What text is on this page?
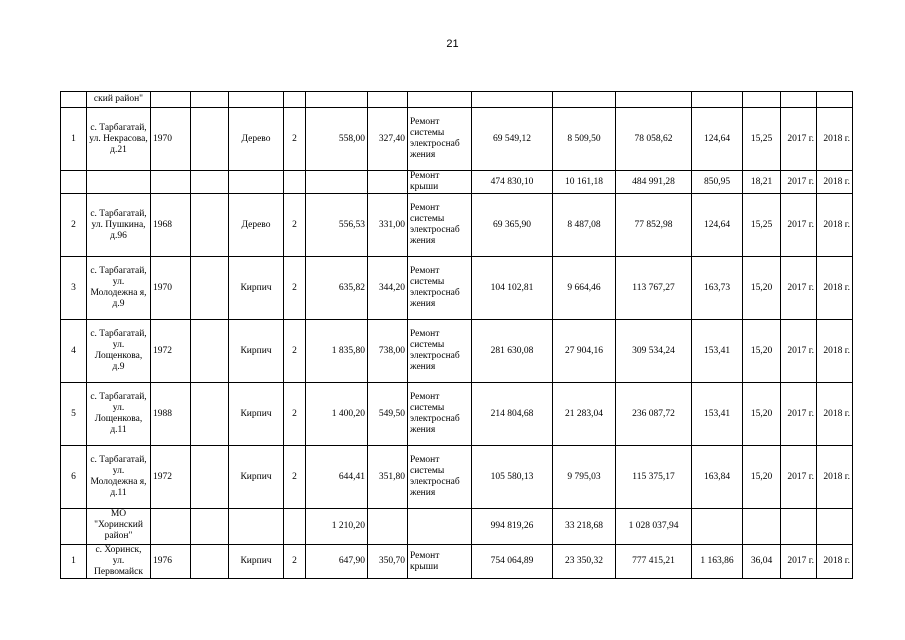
21
	ский район"														
1	с. Тарбагатай, ул. Некрасова, д.21	1970		Дерево	2	558,00	327,40	Ремонт системы электроснаб жения	69 549,12	8 509,50	78 058,62	124,64	15,25	2017 г.	2018 г.
								Ремонт крыши	474 830,10	10 161,18	484 991,28	850,95	18,21	2017 г.	2018 г.
2	с. Тарбагатай, ул. Пушкина, д.96	1968		Дерево	2	556,53	331,00	Ремонт системы электроснаб жения	69 365,90	8 487,08	77 852,98	124,64	15,25	2017 г.	2018 г.
3	с. Тарбагатай, ул. Молодежна я, д.9	1970		Кирпич	2	635,82	344,20	Ремонт системы электроснаб жения	104 102,81	9 664,46	113 767,27	163,73	15,20	2017 г.	2018 г.
4	с. Тарбагатай, ул. Лощенкова, д.9	1972		Кирпич	2	1 835,80	738,00	Ремонт системы электроснаб жения	281 630,08	27 904,16	309 534,24	153,41	15,20	2017 г.	2018 г.
5	с. Тарбагатай, ул. Лощенкова, д.11	1988		Кирпич	2	1 400,20	549,50	Ремонт системы электроснаб жения	214 804,68	21 283,04	236 087,72	153,41	15,20	2017 г.	2018 г.
6	с. Тарбагатай, ул. Молодежна я, д.11	1972		Кирпич	2	644,41	351,80	Ремонт системы электроснаб жения	105 580,13	9 795,03	115 375,17	163,84	15,20	2017 г.	2018 г.
	МО "Хоринский район"					1 210,20			994 819,26	33 218,68	1 028 037,94				
1	с. Хоринск, ул. Первомайск	1976		Кирпич	2	647,90	350,70	Ремонт крыши	754 064,89	23 350,32	777 415,21	1 163,86	36,04	2017 г.	2018 г.
